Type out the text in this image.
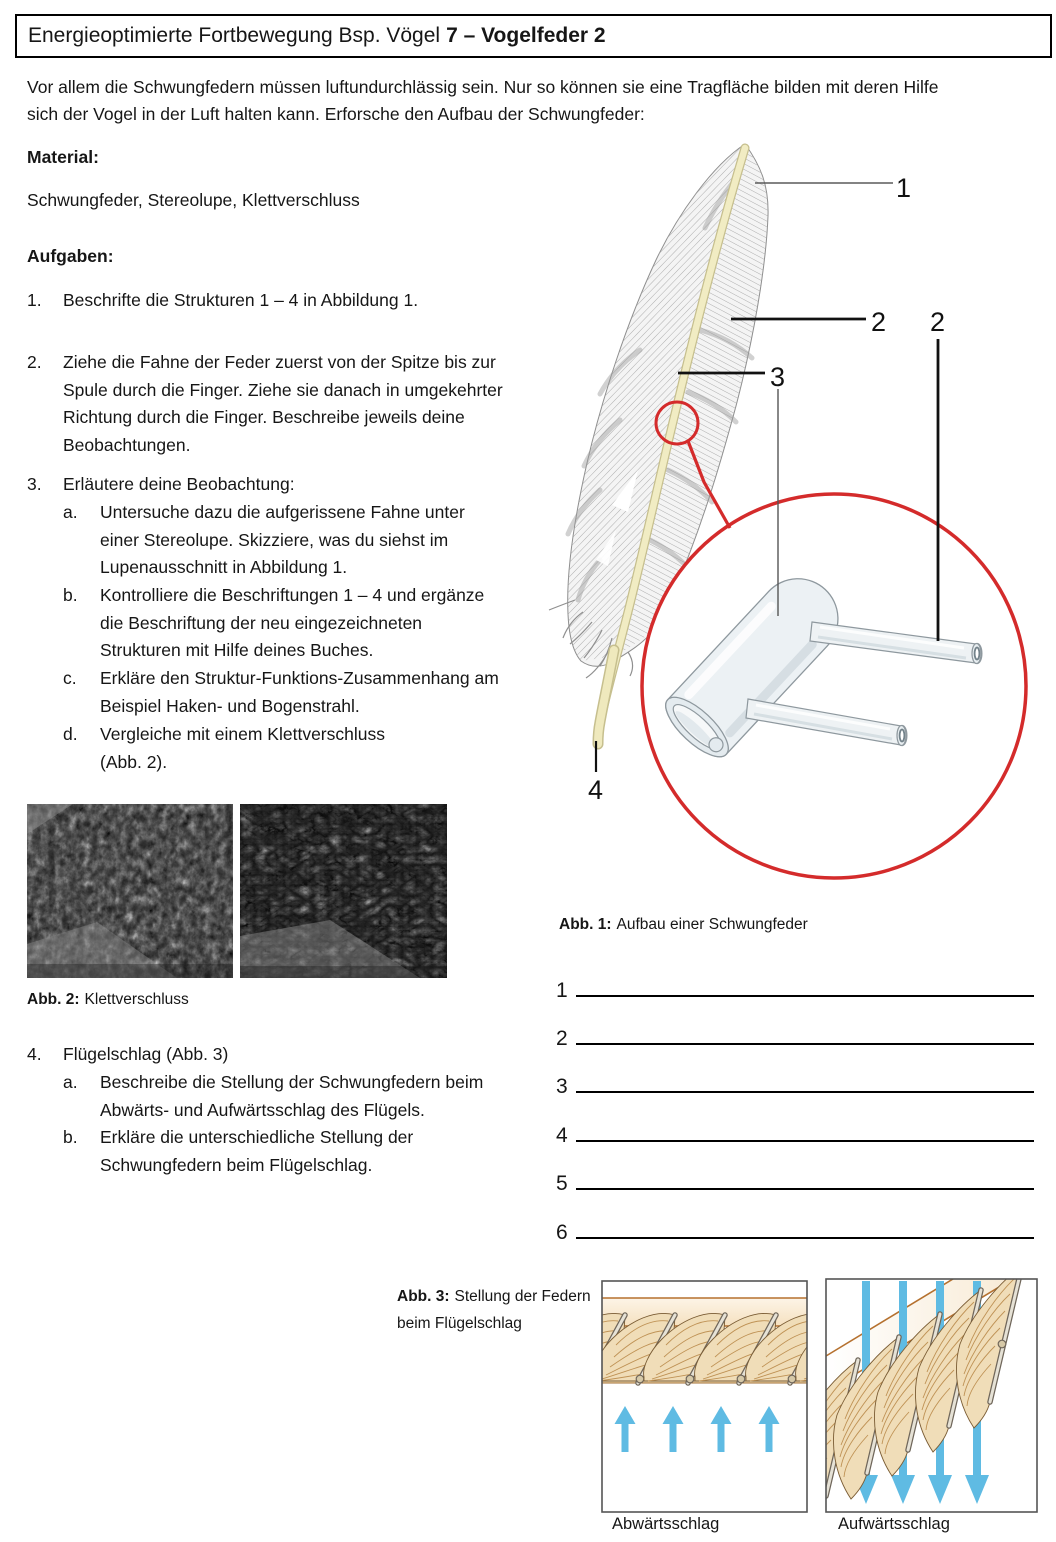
Energieoptimierte Fortbewegung Bsp. Vögel 7 – Vogelfeder 2
Vor allem die Schwungfedern müssen luftundurchlässig sein. Nur so können sie eine Tragfläche bilden mit deren Hilfe
sich der Vogel in der Luft halten kann. Erforsche den Aufbau der Schwungfeder:
Material:
Schwungfeder, Stereolupe, Klettverschluss
Aufgaben:
1. Beschrifte die Strukturen 1 – 4 in Abbildung 1.
2. Ziehe die Fahne der Feder zuerst von der Spitze bis zur
Spule durch die Finger. Ziehe sie danach in umgekehrter
Richtung durch die Finger. Beschreibe jeweils deine
Beobachtungen.
3. Erläutere deine Beobachtung:
a. Untersuche dazu die aufgerissene Fahne unter
einer Stereolupe. Skizziere, was du siehst im
Lupenausschnitt in Abbildung 1.
b. Kontrolliere die Beschriftungen 1 – 4 und ergänze
die Beschriftung der neu eingezeichneten
Strukturen mit Hilfe deines Buches.
c. Erkläre den Struktur-Funktions-Zusammenhang am
Beispiel Haken- und Bogenstrahl.
d. Vergleiche mit einem Klettverschluss
(Abb. 2).
1
2 2
3
4
Abb. 2: Klettverschluss
Abb. 1: Aufbau einer Schwungfeder
1
2
3
4
5
6
4. Flügelschlag (Abb. 3)
a. Beschreibe die Stellung der Schwungfedern beim
Abwärts- und Aufwärtsschlag des Flügels.
b. Erkläre die unterschiedliche Stellung der
Schwungfedern beim Flügelschlag.
Abb. 3: Stellung der Federn
beim Flügelschlag
Abwärtsschlag	Aufwärtsschlag
